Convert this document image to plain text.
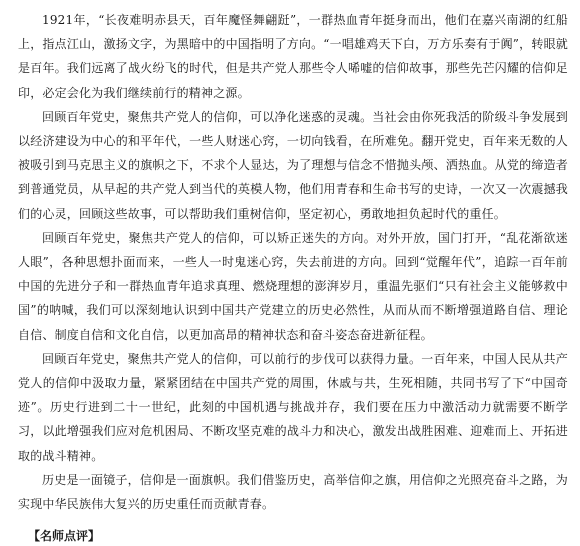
1921年，“长夜难明赤县天，百年魔怪舞翩跹”，一群热血青年挺身而出，他们在嘉兴南湖的红船上，指点江山，激扬文字，为黑暗中的中国指明了方向。“一唱雄鸡天下白，万方乐奏有于阗”，转眼就是百年。我们远离了战火纷飞的时代，但是共产党人那些令人唏嘘的信仰故事，那些先芒闪耀的信仰足印，必定会化为我们继续前行的精神之源。

回顾百年党史，聚焦共产党人的信仰，可以净化迷惑的灵魂。当社会由你死我活的阶级斗争发展到以经济建设为中心的和平年代，一些人财迷心窍，一切向钱看，在所难免。翻开党史，百年来无数的人被吸引到马克思主义的旗帜之下，不求个人显达，为了理想与信念不惜抛头颅、洒热血。从党的缔造者到普通党员，从早起的共产党人到当代的英模人物，他们用青春和生命书写的史诗，一次又一次震撼我们的心灵，回顾这些故事，可以帮助我们重树信仰，坚定初心，勇敢地担负起时代的重任。

回顾百年党史，聚焦共产党人的信仰，可以矫正迷失的方向。对外开放，国门打开，“乱花渐欲迷人眼”，各种思想扑面而来，一些人一时鬼迷心窍，失去前进的方向。回到“觉醒年代”，追踪一百年前中国的先进分子和一群热血青年追求真理、燃烧理想的澎湃岁月，重温先驱们“只有社会主义能够救中国”的呐喊，我们可以深刻地认识到中国共产党建立的历史必然性，从而从而不断增强道路自信、理论自信、制度自信和文化自信，以更加高昂的精神状态和奋斗姿态奋进新征程。

回顾百年党史，聚焦共产党人的信仰，可以前行的步伐可以获得力量。一百年来，中国人民从共产党人的信仰中汲取力量，紧紧团结在中国共产党的周围，休戚与共，生死相随，共同书写了下“中国奇迹”。历史行进到二十一世纪，此刻的中国机遇与挑战并存，我们要在压力中激活动力就需要不断学习，以此增强我们应对危机困局、不断攻坚克难的战斗力和决心，激发出战胜困难、迎难而上、开拓进取的战斗精神。

历史是一面镜子，信仰是一面旗帜。我们借鉴历史，高举信仰之旗，用信仰之光照亮奋斗之路，为实现中华民族伟大复兴的历史重任而贡献青春。

【名师点评】
